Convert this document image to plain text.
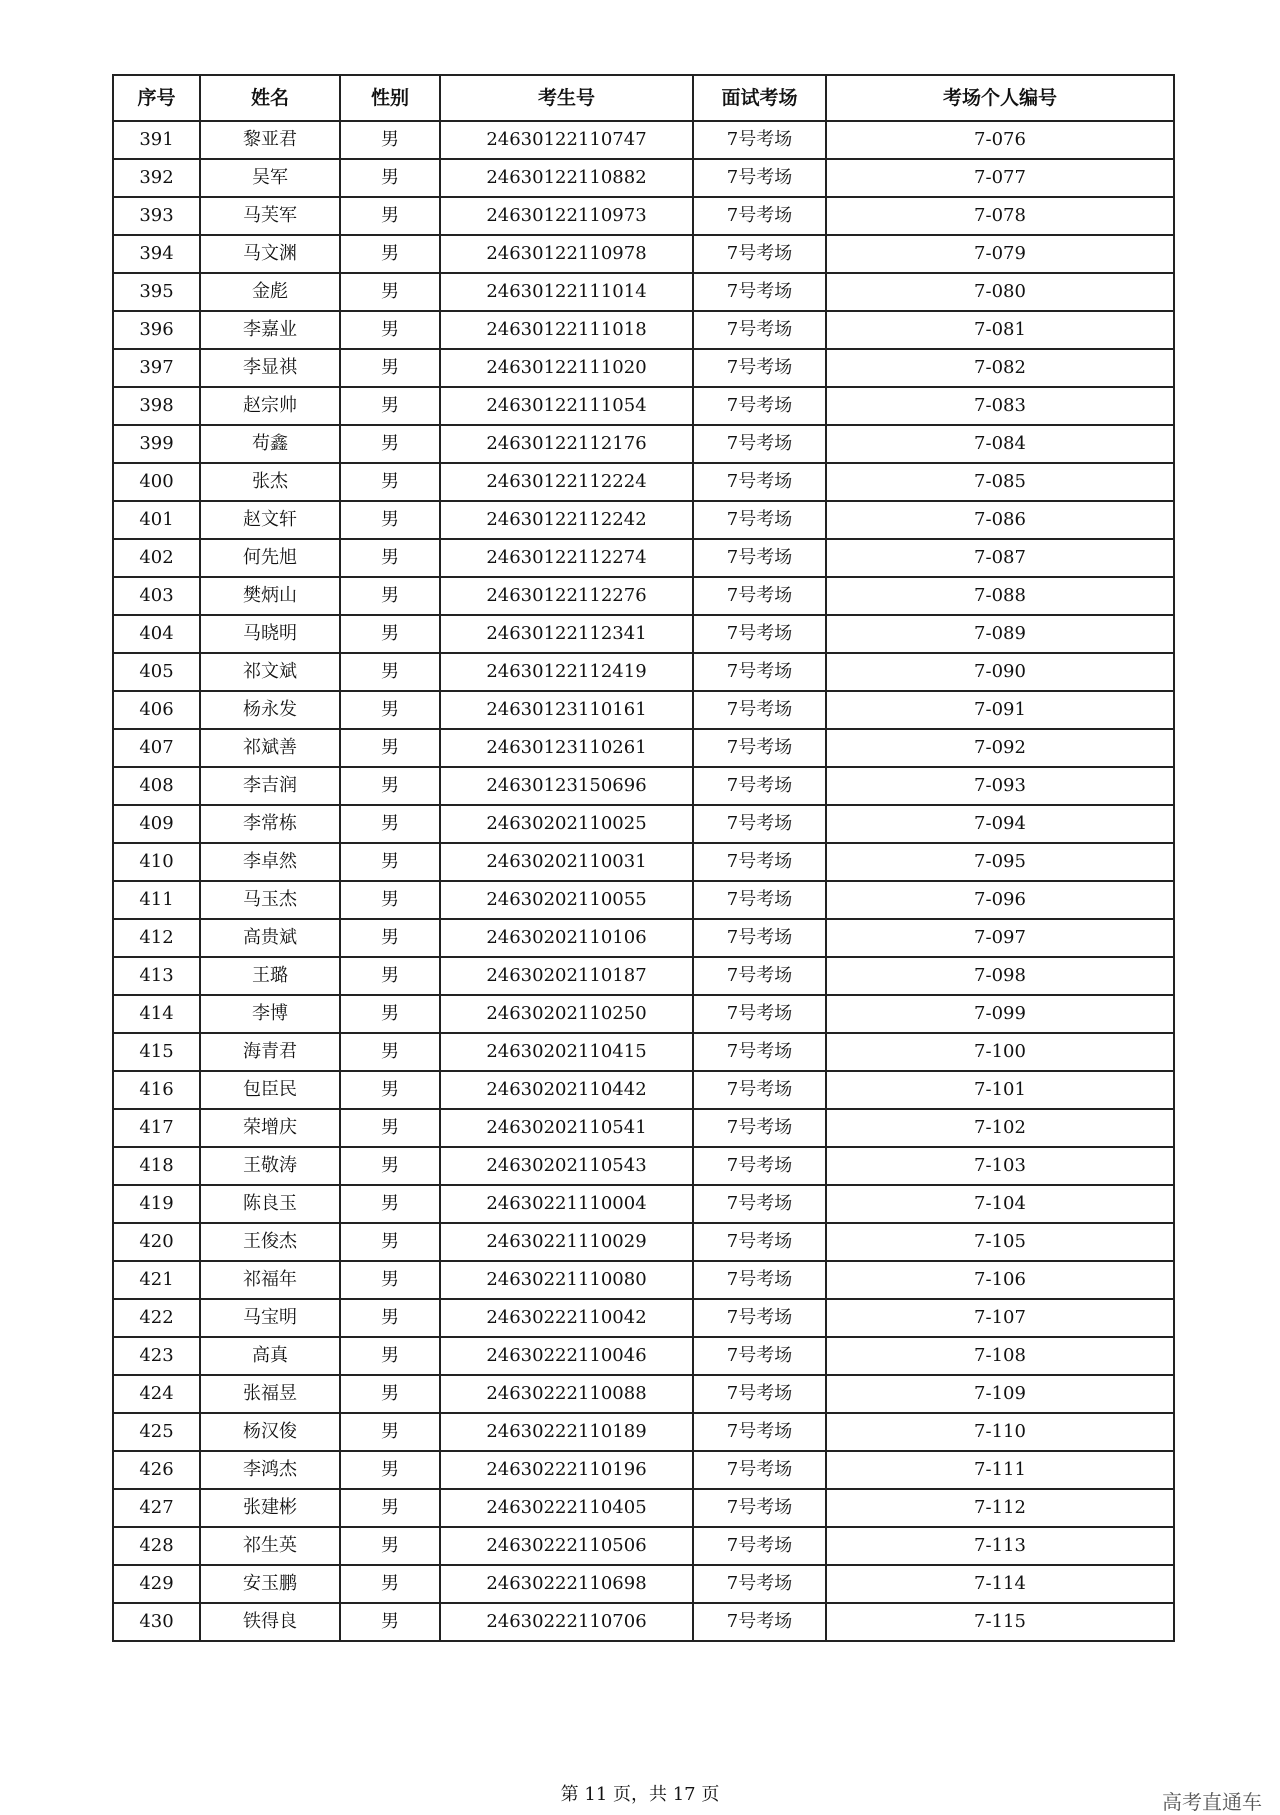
序号	姓名	性别	考生号	面试考场	考场个人编号
391	黎亚君	男	24630122110747	7号考场	7-076
392	吴军	男	24630122110882	7号考场	7-077
393	马芙军	男	24630122110973	7号考场	7-078
394	马文渊	男	24630122110978	7号考场	7-079
395	金彪	男	24630122111014	7号考场	7-080
396	李嘉业	男	24630122111018	7号考场	7-081
397	李显祺	男	24630122111020	7号考场	7-082
398	赵宗帅	男	24630122111054	7号考场	7-083
399	苟鑫	男	24630122112176	7号考场	7-084
400	张杰	男	24630122112224	7号考场	7-085
401	赵文轩	男	24630122112242	7号考场	7-086
402	何先旭	男	24630122112274	7号考场	7-087
403	樊炳山	男	24630122112276	7号考场	7-088
404	马晓明	男	24630122112341	7号考场	7-089
405	祁文斌	男	24630122112419	7号考场	7-090
406	杨永发	男	24630123110161	7号考场	7-091
407	祁斌善	男	24630123110261	7号考场	7-092
408	李吉润	男	24630123150696	7号考场	7-093
409	李常栋	男	24630202110025	7号考场	7-094
410	李卓然	男	24630202110031	7号考场	7-095
411	马玉杰	男	24630202110055	7号考场	7-096
412	高贵斌	男	24630202110106	7号考场	7-097
413	王璐	男	24630202110187	7号考场	7-098
414	李博	男	24630202110250	7号考场	7-099
415	海青君	男	24630202110415	7号考场	7-100
416	包臣民	男	24630202110442	7号考场	7-101
417	荣增庆	男	24630202110541	7号考场	7-102
418	王敬涛	男	24630202110543	7号考场	7-103
419	陈良玉	男	24630221110004	7号考场	7-104
420	王俊杰	男	24630221110029	7号考场	7-105
421	祁福年	男	24630221110080	7号考场	7-106
422	马宝明	男	24630222110042	7号考场	7-107
423	高真	男	24630222110046	7号考场	7-108
424	张福昱	男	24630222110088	7号考场	7-109
425	杨汉俊	男	24630222110189	7号考场	7-110
426	李鸿杰	男	24630222110196	7号考场	7-111
427	张建彬	男	24630222110405	7号考场	7-112
428	祁生英	男	24630222110506	7号考场	7-113
429	安玉鹏	男	24630222110698	7号考场	7-114
430	铁得良	男	24630222110706	7号考场	7-115
第 11 页，共 17 页	高考直通车
